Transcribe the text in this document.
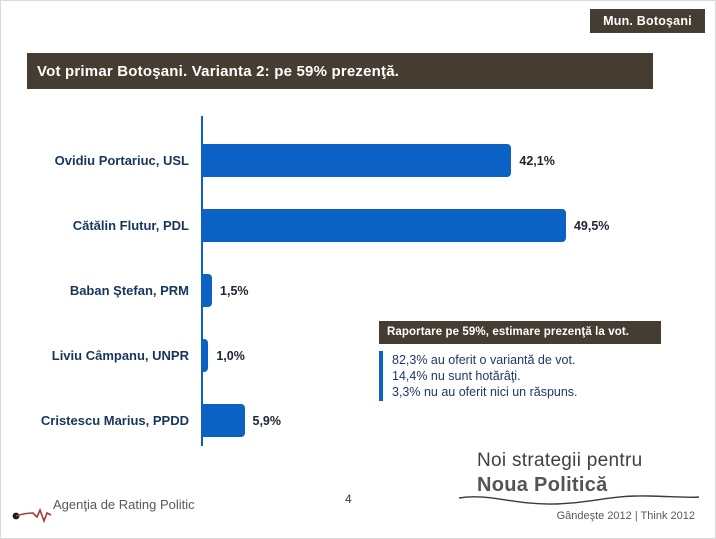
Mun. Botoşani
Vot primar Botoşani. Varianta 2: pe 59% prezenţă.
Ovidiu Portariuc, USL	42,1%
Cătălin Flutur, PDL	49,5%
Baban Ştefan, PRM	1,5%
Liviu Câmpanu, UNPR	1,0%
Cristescu Marius, PPDD	5,9%
Raportare pe 59%, estimare prezenţă la vot.
82,3% au oferit o variantă de vot.
14,4% nu sunt hotărâţi.
3,3% nu au oferit nici un răspuns.
Agenţia de Rating Politic	4
Noi strategii pentru
Noua Politică
Gândeşte 2012 | Think 2012
